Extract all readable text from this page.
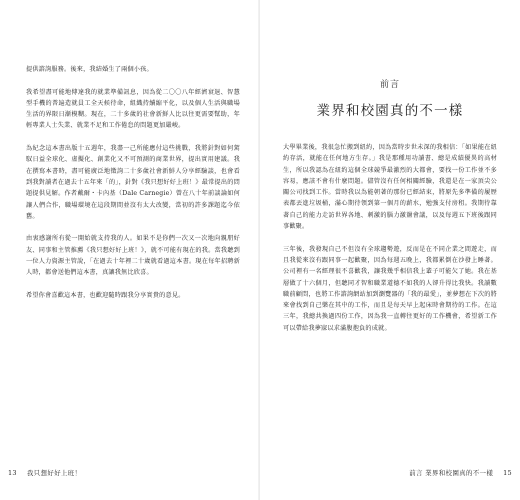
提供諮詢服務。後來，我結婚生了兩個小孩。

我希望盡可能地傳達我的就業準備訊息，因為從二〇〇八年經濟衰退、智慧型手機的普遍造就員工全天候待命，組織持續縮平化，以及個人生活與職場生活的界限日漸模糊。現在，二十多歲的社會新鮮人比以往更需要幫助，年輕專業人士失業、就業不足和工作倦怠的問題更加嚴峻。

為紀念這本書出版十五週年，我盡一己所能應付這些挑戰，我將針對如何駕馭日益全球化、虛擬化、創業化又不可預測的商業世界，提出實用建議。我在撰寫本書時，盡可能廣泛地徵詢二十多歲社會新鮮人分享經驗談，也會看到我對讀者在過去十五年來「的」，針對《我只想好好上班！》最常提出的問題提供見解。作者戴爾・卡內基（Dale Carnegie）曾在八十年前談論如何讓人們合作，職場環境在這段期間並沒有太大改變，當初的許多課題迄今依舊。

由衷感謝所有從一開始就支持我的人。如果不是你們一次又一次地向親朋好友、同事和主管推薦《我只想好好上班！》，就不可能有現在的我。當我聽到一位人力資源主管說，「在過去十年裡二十歲就看過這本書。現在每年招聘新人時，都會送他們這本書，真讓我無比欣喜。

希望你會喜歡這本書，也歡迎隨時跟我分享實貴的意見。

13 我只想好好上班！
前言
業界和校園真的不一樣

大學畢業後，我很急忙搬到紐約，因為當時步世未深的我相信：「如果能在紐約存活，就能在任何地方生存。」我是那種用功讀書、總是成績優異的高材生，所以我認為在紐約這個全球競爭最激烈的大都會，要找一份工作並不多容易，應該不會有什麼問題。儘管沒有任何相關經驗，我還是在一家頂尖公關公司找到工作。當時我以為能朝著的那份已經結束，將原先多準備的履歷表都丟進垃圾桶，滿心期待領到第一個月的薪水，勉強支付房租。我期待靠著自己的能力走訪世界各地、刺激的腦力激盪會議，以及每週五下班後跟同事歡聚。

三年後，我發現自己不但沒有全球趨勢遊，反而是在不同企業之間遊走，而且我從來沒有跟同事一起歡聚，因為每週五晚上，我都累倒在沙發上睡著。公司裡有一名經理很不喜歡我，讓我幾乎相信我上輩子可能欠了她。我在基層做了十六個月，但聽同才智和職業道德不如我的人卻升得比我快。我讀數職前顧問，也將工作諮詢網站加到瀏覽器的「我的最愛」，並夢想在下次的將來會找到自己樂在其中的工作，而且是每天早上起床時會期待的工作。在這三年，我總共換過四份工作，因為我一直轉往更好的工作機會，希望新工作可以帶給我夢寐以求滿腹抱負的成就。

前言 業界和校園真的不一樣 15
